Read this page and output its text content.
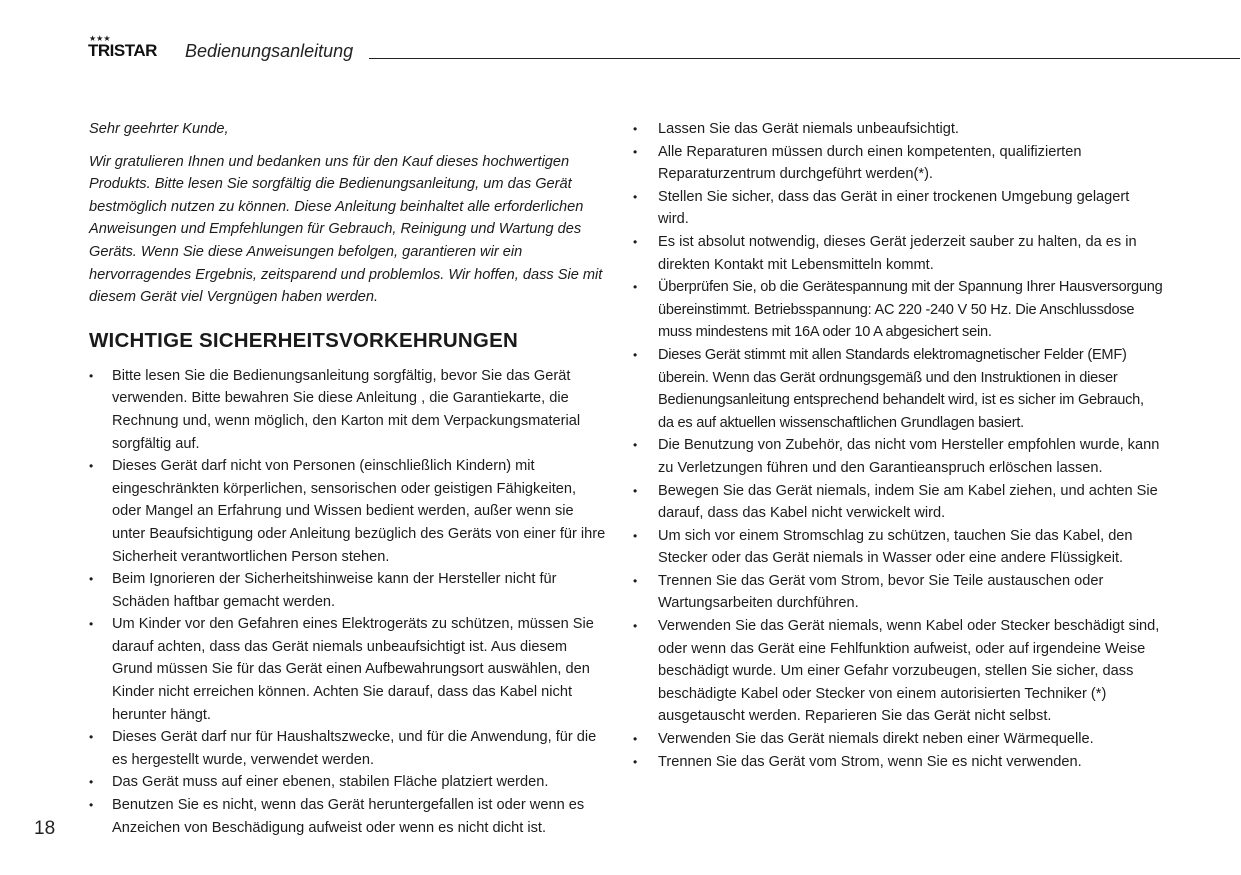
★★★
TRISTAR Bedienungsanleitung

Sehr geehrter Kunde,

Wir gratulieren Ihnen und bedanken uns für den Kauf dieses hochwertigen Produkts. Bitte lesen Sie sorgfältig die Bedienungsanleitung, um das Gerät bestmöglich nutzen zu können. Diese Anleitung beinhaltet alle erforderlichen Anweisungen und Empfehlungen für Gebrauch, Reinigung und Wartung des Geräts. Wenn Sie diese Anweisungen befolgen, garantieren wir ein hervorragendes Ergebnis, zeitsparend und problemlos. Wir hoffen, dass Sie mit diesem Gerät viel Vergnügen haben werden.

WICHTIGE SICHERHEITSVORKEHRUNGEN
• Bitte lesen Sie die Bedienungsanleitung sorgfältig, bevor Sie das Gerät verwenden. Bitte bewahren Sie diese Anleitung , die Garantiekarte, die Rechnung und, wenn möglich, den Karton mit dem Verpackungsmaterial sorgfältig auf.
• Dieses Gerät darf nicht von Personen (einschließlich Kindern) mit eingeschränkten körperlichen, sensorischen oder geistigen Fähigkeiten, oder Mangel an Erfahrung und Wissen bedient werden, außer wenn sie unter Beaufsichtigung oder Anleitung bezüglich des Geräts von einer für ihre Sicherheit verantwortlichen Person stehen.
• Beim Ignorieren der Sicherheitshinweise kann der Hersteller nicht für Schäden haftbar gemacht werden.
• Um Kinder vor den Gefahren eines Elektrogeräts zu schützen, müssen Sie darauf achten, dass das Gerät niemals unbeaufsichtigt ist. Aus diesem Grund müssen Sie für das Gerät einen Aufbewahrungsort auswählen, den Kinder nicht erreichen können. Achten Sie darauf, dass das Kabel nicht herunter hängt.
• Dieses Gerät darf nur für Haushaltszwecke, und für die Anwendung, für die es hergestellt wurde, verwendet werden.
• Das Gerät muss auf einer ebenen, stabilen Fläche platziert werden.
• Benutzen Sie es nicht, wenn das Gerät heruntergefallen ist oder wenn es Anzeichen von Beschädigung aufweist oder wenn es nicht dicht ist.
• Lassen Sie das Gerät niemals unbeaufsichtigt.
• Alle Reparaturen müssen durch einen kompetenten, qualifizierten Reparaturzentrum durchgeführt werden(*).
• Stellen Sie sicher, dass das Gerät in einer trockenen Umgebung gelagert wird.
• Es ist absolut notwendig, dieses Gerät jederzeit sauber zu halten, da es in direkten Kontakt mit Lebensmitteln kommt.
• Überprüfen Sie, ob die Gerätespannung mit der Spannung Ihrer Hausversorgung übereinstimmt. Betriebsspannung: AC 220 -240 V 50 Hz. Die Anschlussdose muss mindestens mit 16A oder 10 A abgesichert sein.
• Dieses Gerät stimmt mit allen Standards elektromagnetischer Felder (EMF) überein. Wenn das Gerät ordnungsgemäß und den Instruktionen in dieser Bedienungsanleitung entsprechend behandelt wird, ist es sicher im Gebrauch, da es auf aktuellen wissenschaftlichen Grundlagen basiert.
• Die Benutzung von Zubehör, das nicht vom Hersteller empfohlen wurde, kann zu Verletzungen führen und den Garantieanspruch erlöschen lassen.
• Bewegen Sie das Gerät niemals, indem Sie am Kabel ziehen, und achten Sie darauf, dass das Kabel nicht verwickelt wird.
• Um sich vor einem Stromschlag zu schützen, tauchen Sie das Kabel, den Stecker oder das Gerät niemals in Wasser oder eine andere Flüssigkeit.
• Trennen Sie das Gerät vom Strom, bevor Sie Teile austauschen oder Wartungsarbeiten durchführen.
• Verwenden Sie das Gerät niemals, wenn Kabel oder Stecker beschädigt sind, oder wenn das Gerät eine Fehlfunktion aufweist, oder auf irgendeine Weise beschädigt wurde. Um einer Gefahr vorzubeugen, stellen Sie sicher, dass beschädigte Kabel oder Stecker von einem autorisierten Techniker (*) ausgetauscht werden. Reparieren Sie das Gerät nicht selbst.
• Verwenden Sie das Gerät niemals direkt neben einer Wärmequelle.
• Trennen Sie das Gerät vom Strom, wenn Sie es nicht verwenden.
18
